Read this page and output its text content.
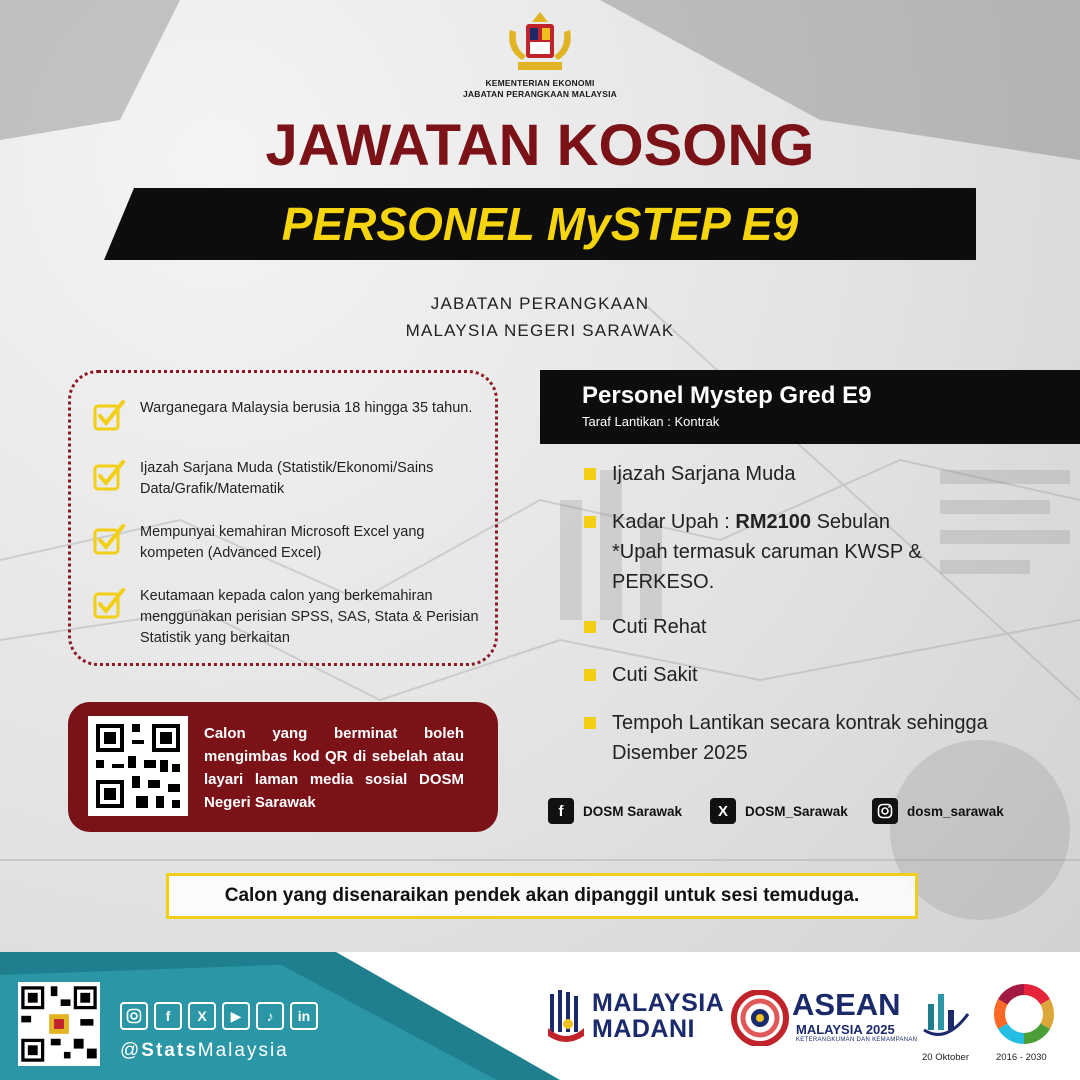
KEMENTERIAN EKONOMI
JABATAN PERANGKAAN MALAYSIA
JAWATAN KOSONG
PERSONEL MySTEP E9
JABATAN PERANGKAAN
MALAYSIA NEGERI SARAWAK
Warganegara Malaysia berusia 18 hingga 35 tahun.
Ijazah Sarjana Muda (Statistik/Ekonomi/Sains Data/Grafik/Matematik
Mempunyai kemahiran Microsoft Excel yang kompeten (Advanced Excel)
Keutamaan kepada calon yang berkemahiran menggunakan perisian SPSS, SAS, Stata & Perisian Statistik yang berkaitan
Calon yang berminat boleh mengimbas kod QR di sebelah atau layari laman media sosial DOSM Negeri Sarawak
Personel Mystep Gred E9
Taraf Lantikan : Kontrak
Ijazah Sarjana Muda
Kadar Upah : RM2100 Sebulan
*Upah termasuk caruman KWSP & PERKESO.
Cuti Rehat
Cuti Sakit
Tempoh Lantikan secara kontrak sehingga Disember 2025
f	DOSM Sarawak	X	DOSM_Sarawak	dosm_sarawak
Calon yang disenaraikan pendek akan dipanggil untuk sesi temuduga.
f	X	▶	♪	in
@StatsMalaysia
MALAYSIA
MADANI
ASEAN
MALAYSIA 2025
KETERANGKUMAN DAN KEMAMPANAN
20 Oktober	2016 - 2030
